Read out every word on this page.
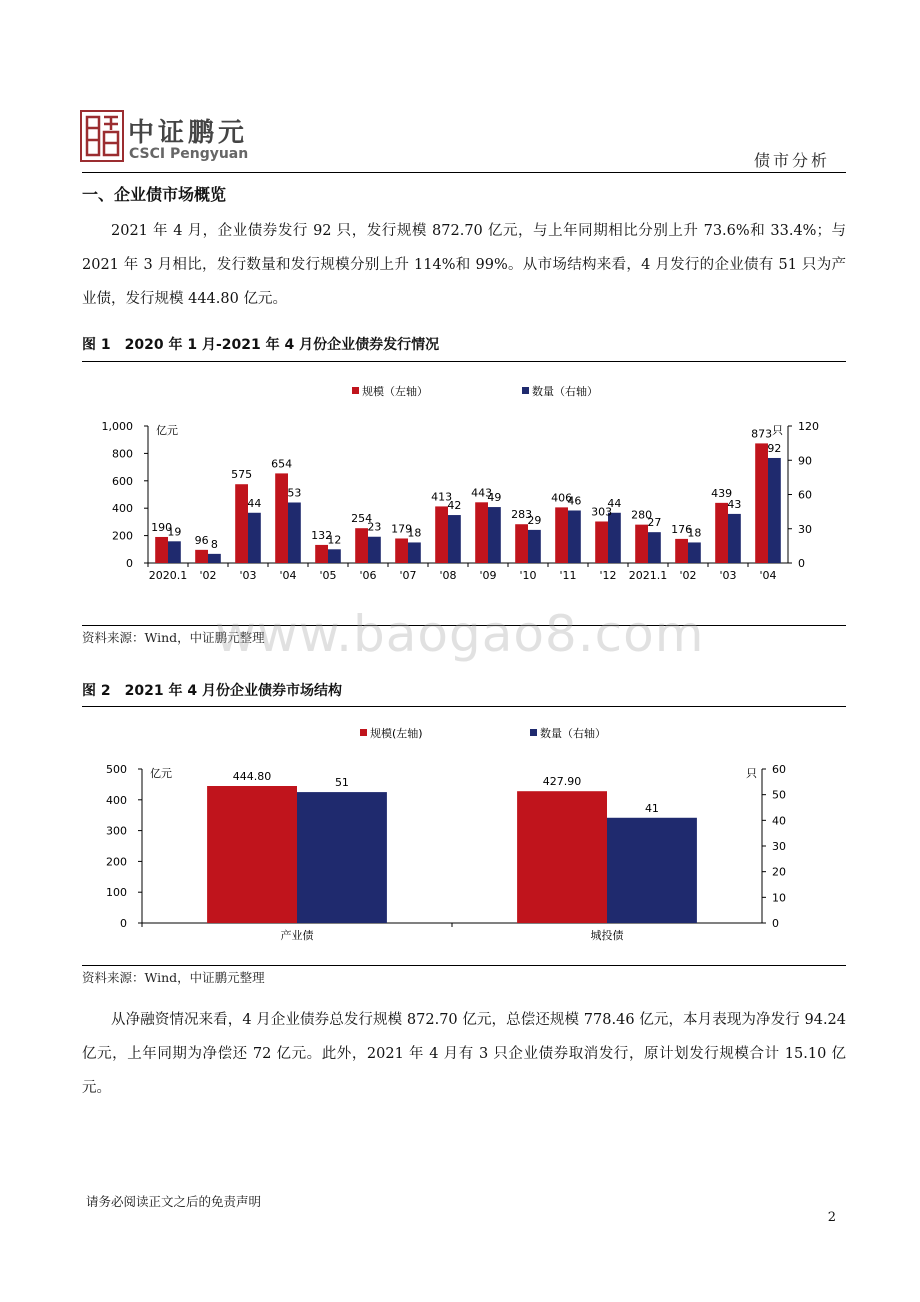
中证鹏元
CSCI Pengyuan	债市分析
一、企业债市场概览
2021 年 4 月，企业债券发行 92 只，发行规模 872.70 亿元，与上年同期相比分别上升 73.6%和 33.4%；与 2021 年 3 月相比，发行数量和发行规模分别上升 114%和 99%。从市场结构来看，4 月发行的企业债有 51 只为产业债，发行规模 444.80 亿元。
图 1　2020 年 1 月-2021 年 4 月份企业债券发行情况
规模（左轴）	数量（右轴）
0
200
400
600
800
1,000
0
30
60
90
120
亿元	只
190
19
2020.1
96 8
'02
575
44
'03
654
53
'04
132
12
'05
254
23
'06
179
18
'07
413
42
'08
443
49
'09
283
29
'10
406
46
'11
303
44
'12
280
27
2021.1
176
18
'02
439
43
'03
873
92
'04
资料来源：Wind，中证鹏元整理
图 2　2021 年 4 月份企业债券市场结构
规模(左轴)	数量（右轴）
0
100
200
300
400
500
0
10
20
30
40
50
60
亿元	只
444.80	51
产业债
427.90
41
城投债
资料来源：Wind，中证鹏元整理
从净融资情况来看，4 月企业债券总发行规模 872.70 亿元，总偿还规模 778.46 亿元，本月表现为净发行 94.24 亿元，上年同期为净偿还 72 亿元。此外，2021 年 4 月有 3 只企业债券取消发行，原计划发行规模合计 15.10 亿元。
www.baogao8.com
请务必阅读正文之后的免责声明
2
